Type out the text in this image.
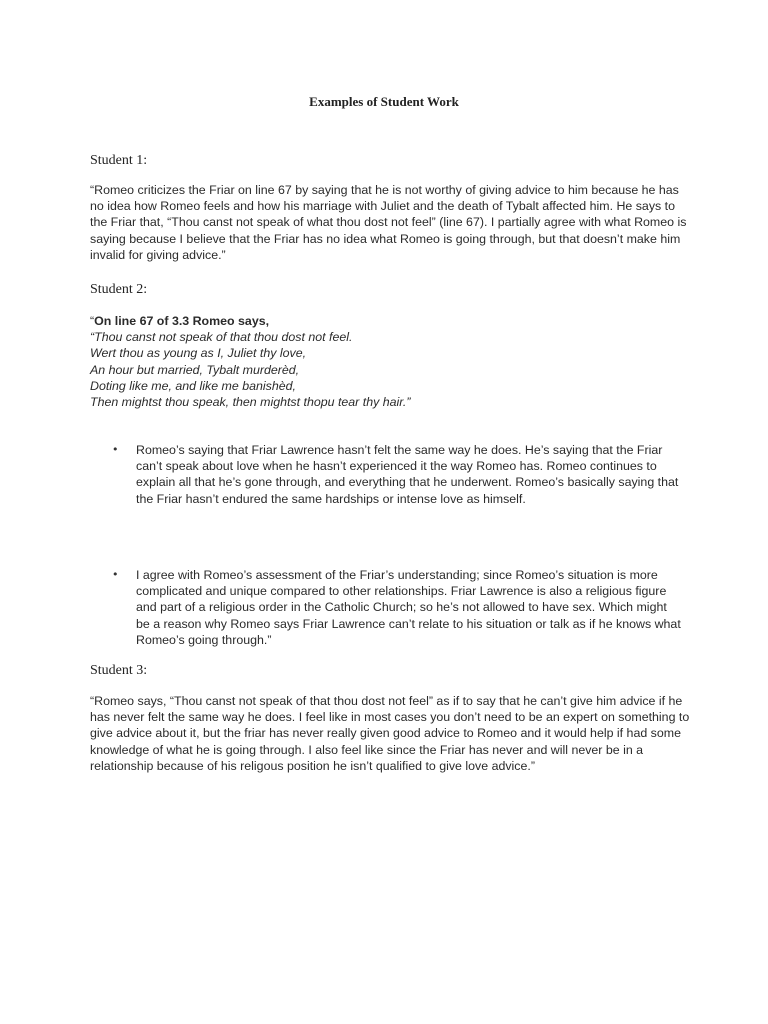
Examples of Student Work
Student 1:

“Romeo criticizes the Friar on line 67 by saying that he is not worthy of giving advice to him because he has no idea how Romeo feels and how his marriage with Juliet and the death of Tybalt affected him. He says to the Friar that, “Thou canst not speak of what thou dost not feel” (line 67). I partially agree with what Romeo is saying because I believe that the Friar has no idea what Romeo is going through, but that doesn’t make him invalid for giving advice.”

Student 2:
“On line 67 of 3.3 Romeo says,
“Thou canst not speak of that thou dost not feel.
Wert thou as young as I, Juliet thy love,
An hour but married, Tybalt murderèd,
Doting like me, and like me banishèd,
Then mightst thou speak, then mightst thopu tear thy hair.”
• Romeo’s saying that Friar Lawrence hasn’t felt the same way he does. He’s saying that the Friar can’t speak about love when he hasn’t experienced it the way Romeo has. Romeo continues to explain all that he’s gone through, and everything that he underwent. Romeo’s basically saying that the Friar hasn’t endured the same hardships or intense love as himself.
• I agree with Romeo’s assessment of the Friar’s understanding; since Romeo’s situation is more complicated and unique compared to other relationships. Friar Lawrence is also a religious figure and part of a religious order in the Catholic Church; so he’s not allowed to have sex. Which might be a reason why Romeo says Friar Lawrence can’t relate to his situation or talk as if he knows what Romeo’s going through.”
Student 3:

“Romeo says, “Thou canst not speak of that thou dost not feel” as if to say that he can’t give him advice if he has never felt the same way he does. I feel like in most cases you don’t need to be an expert on something to give advice about it, but the friar has never really given good advice to Romeo and it would help if had some knowledge of what he is going through. I also feel like since the Friar has never and will never be in a relationship because of his religous position he isn’t qualified to give love advice.”
